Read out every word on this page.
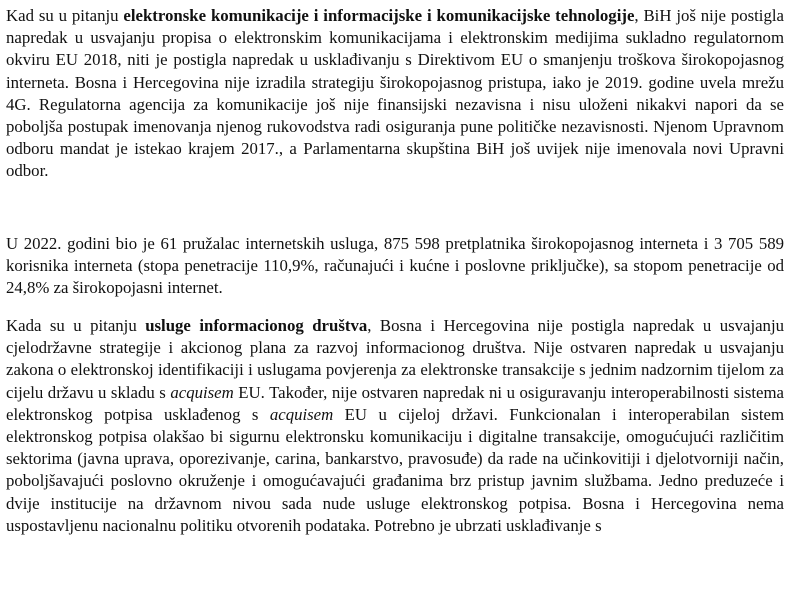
Kad su u pitanju elektronske komunikacije i informacijske i komunikacijske tehnologije, BiH još nije postigla napredak u usvajanju propisa o elektronskim komunikacijama i elektronskim medijima sukladno regulatornom okviru EU 2018, niti je postigla napredak u usklađivanju s Direktivom EU o smanjenju troškova širokopojasnog interneta. Bosna i Hercegovina nije izradila strategiju širokopojasnog pristupa, iako je 2019. godine uvela mrežu 4G. Regulatorna agencija za komunikacije još nije finansijski nezavisna i nisu uloženi nikakvi napori da se poboljša postupak imenovanja njenog rukovodstva radi osiguranja pune političke nezavisnosti. Njenom Upravnom odboru mandat je istekao krajem 2017., a Parlamentarna skupština BiH još uvijek nije imenovala novi Upravni odbor.

U 2022. godini bio je 61 pružalac internetskih usluga, 875 598 pretplatnika širokopojasnog interneta i 3 705 589 korisnika interneta (stopa penetracije 110,9%, računajući i kućne i poslovne priključke), sa stopom penetracije od 24,8% za širokopojasni internet.

Kada su u pitanju usluge informacionog društva, Bosna i Hercegovina nije postigla napredak u usvajanju cjelodržavne strategije i akcionog plana za razvoj informacionog društva. Nije ostvaren napredak u usvajanju zakona o elektronskoj identifikaciji i uslugama povjerenja za elektronske transakcije s jednim nadzornim tijelom za cijelu državu u skladu s acquisem EU. Također, nije ostvaren napredak ni u osiguravanju interoperabilnosti sistema elektronskog potpisa usklađenog s acquisem EU u cijeloj državi. Funkcionalan i interoperabilan sistem elektronskog potpisa olakšao bi sigurnu elektronsku komunikaciju i digitalne transakcije, omogućujući različitim sektorima (javna uprava, oporezivanje, carina, bankarstvo, pravosuđe) da rade na učinkovitiji i djelotvorniji način, poboljšavajući poslovno okruženje i omogućavajući građanima brz pristup javnim službama. Jedno preduzeće i dvije institucije na državnom nivou sada nude usluge elektronskog potpisa. Bosna i Hercegovina nema uspostavljenu nacionalnu politiku otvorenih podataka. Potrebno je ubrzati usklađivanje s
